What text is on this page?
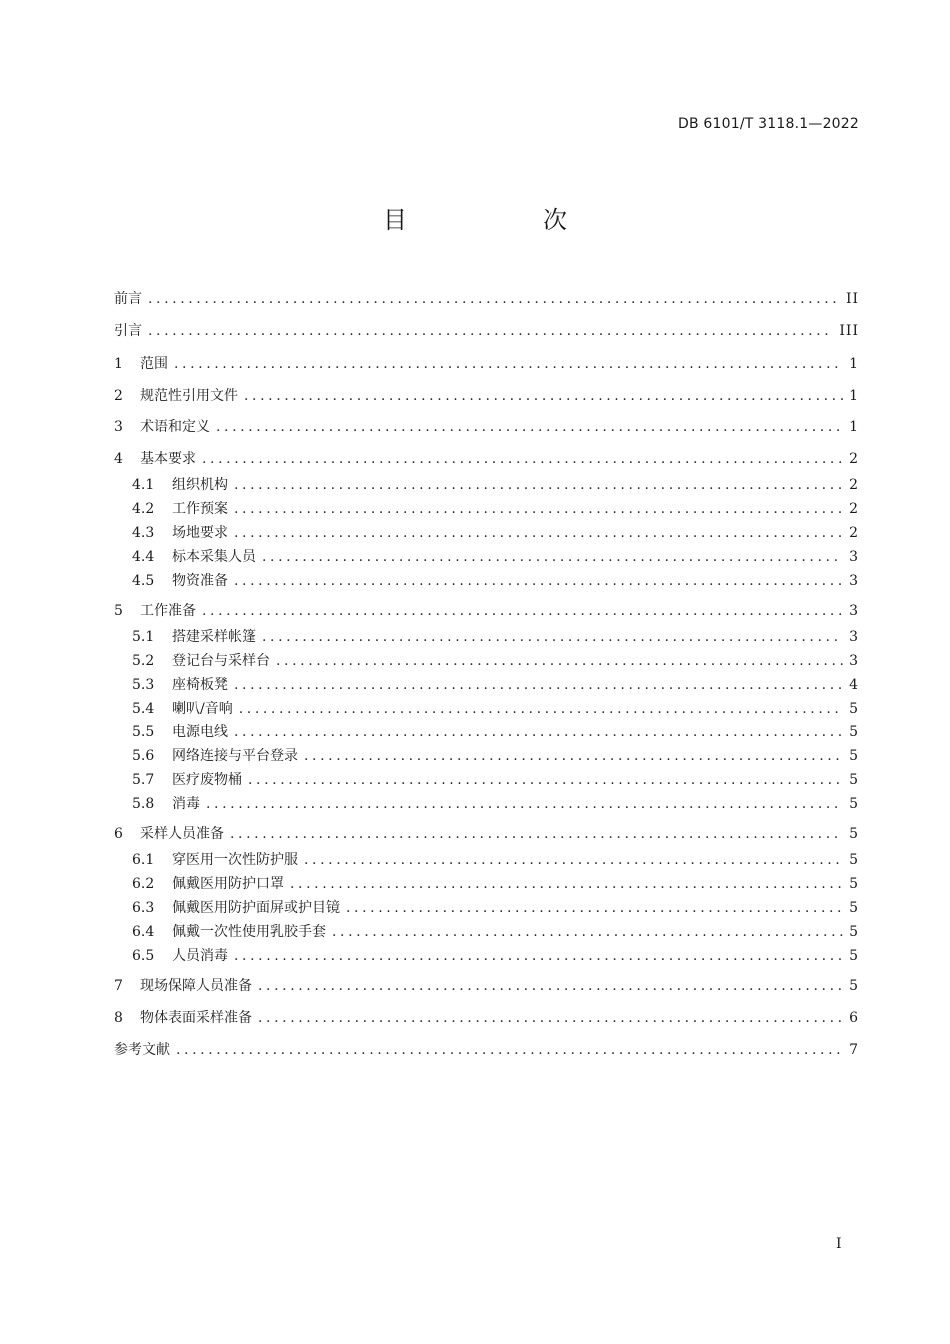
DB 6101/T 3118.1—2022
目　次
前言 .....	II
引言 .....	III
1	范围 .....	1
2	规范性引用文件 .....	1
3	术语和定义 .....	1
4	基本要求 .....	2
4.1	组织机构 .....	2
4.2	工作预案 .....	2
4.3	场地要求 .....	2
4.4	标本采集人员 .....	3
4.5	物资准备 .....	3
5	工作准备 .....	3
5.1	搭建采样帐篷 .....	3
5.2	登记台与采样台 .....	3
5.3	座椅板凳 .....	4
5.4	喇叭/音响 .....	5
5.5	电源电线 .....	5
5.6	网络连接与平台登录 .....	5
5.7	医疗废物桶 .....	5
5.8	消毒 .....	5
6	采样人员准备 .....	5
6.1	穿医用一次性防护服 .....	5
6.2	佩戴医用防护口罩 .....	5
6.3	佩戴医用防护面屏或护目镜 .....	5
6.4	佩戴一次性使用乳胶手套 .....	5
6.5	人员消毒 .....	5
7	现场保障人员准备 .....	5
8	物体表面采样准备 .....	6
参考文献 .....	7
I
